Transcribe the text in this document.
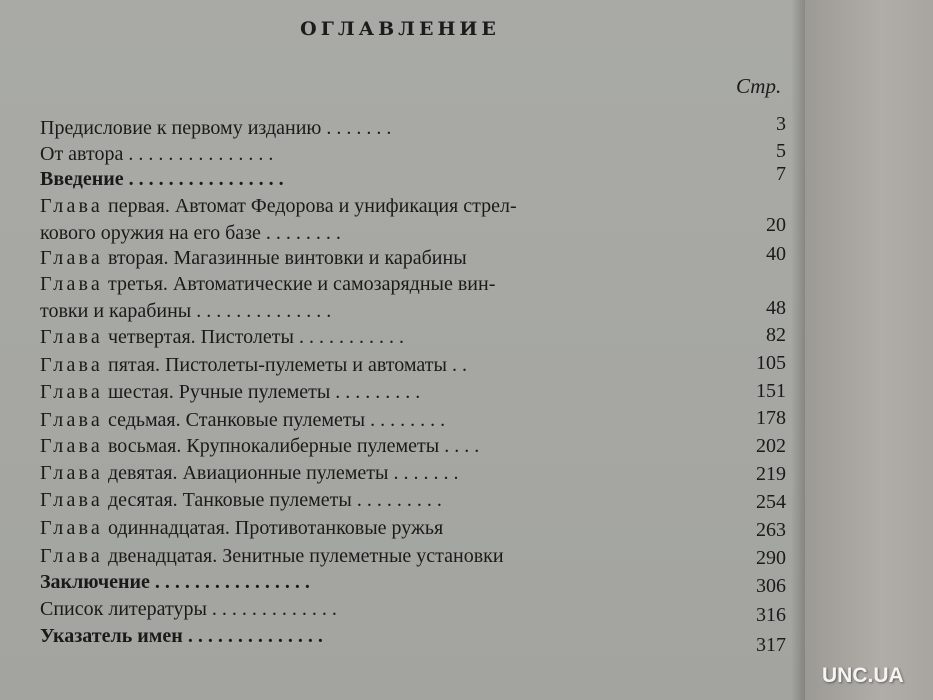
ОГЛАВЛЕНИЕ
Стр.
Предисловие к первому изданию . . . . . . .	3
От автора . . . . . . . . . . . . . . .	5
Введение . . . . . . . . . . . . . . . .	7
Глава первая. Автомат Федорова и унификация стрел-
кового оружия на его базе . . . . . . . .	20
Глава вторая. Магазинные винтовки и карабины	40
Глава третья. Автоматические и самозарядные вин-
товки и карабины . . . . . . . . . . . . . .	48
Глава четвертая. Пистолеты . . . . . . . . . . .	82
Глава пятая. Пистолеты-пулеметы и автоматы . .	105
Глава шестая. Ручные пулеметы . . . . . . . . .	151
Глава седьмая. Станковые пулеметы . . . . . . . .	178
Глава восьмая. Крупнокалиберные пулеметы . . . .	202
Глава девятая. Авиационные пулеметы . . . . . . .	219
Глава десятая. Танковые пулеметы . . . . . . . . .	254
Глава одиннадцатая. Противотанковые ружья	263
Глава двенадцатая. Зенитные пулеметные установки	290
Заключение . . . . . . . . . . . . . . . .	306
Список литературы . . . . . . . . . . . . .	316
Указатель имен . . . . . . . . . . . . . .	317
UNC.UA
